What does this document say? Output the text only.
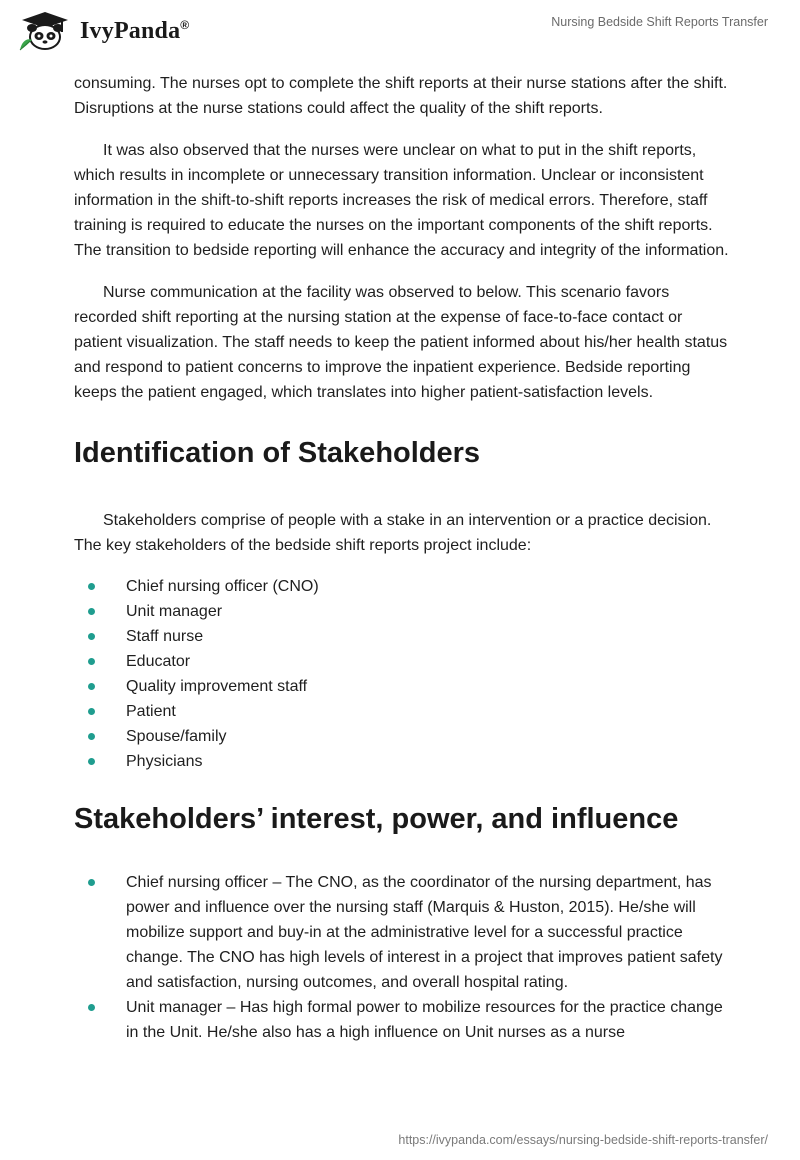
IvyPanda®	Nursing Bedside Shift Reports Transfer

consuming. The nurses opt to complete the shift reports at their nurse stations after the shift. Disruptions at the nurse stations could affect the quality of the shift reports.

It was also observed that the nurses were unclear on what to put in the shift reports, which results in incomplete or unnecessary transition information. Unclear or inconsistent information in the shift-to-shift reports increases the risk of medical errors. Therefore, staff training is required to educate the nurses on the important components of the shift reports. The transition to bedside reporting will enhance the accuracy and integrity of the information.

Nurse communication at the facility was observed to below. This scenario favors recorded shift reporting at the nursing station at the expense of face-to-face contact or patient visualization. The staff needs to keep the patient informed about his/her health status and respond to patient concerns to improve the inpatient experience. Bedside reporting keeps the patient engaged, which translates into higher patient-satisfaction levels.

Identification of Stakeholders

Stakeholders comprise of people with a stake in an intervention or a practice decision. The key stakeholders of the bedside shift reports project include:

Chief nursing officer (CNO)
Unit manager
Staff nurse
Educator
Quality improvement staff
Patient
Spouse/family
Physicians
Stakeholders’ interest, power, and influence
Chief nursing officer – The CNO, as the coordinator of the nursing department, has power and influence over the nursing staff (Marquis & Huston, 2015). He/she will mobilize support and buy-in at the administrative level for a successful practice change. The CNO has high levels of interest in a project that improves patient safety and satisfaction, nursing outcomes, and overall hospital rating.
Unit manager – Has high formal power to mobilize resources for the practice change in the Unit. He/she also has a high influence on Unit nurses as a nurse
https://ivypanda.com/essays/nursing-bedside-shift-reports-transfer/
